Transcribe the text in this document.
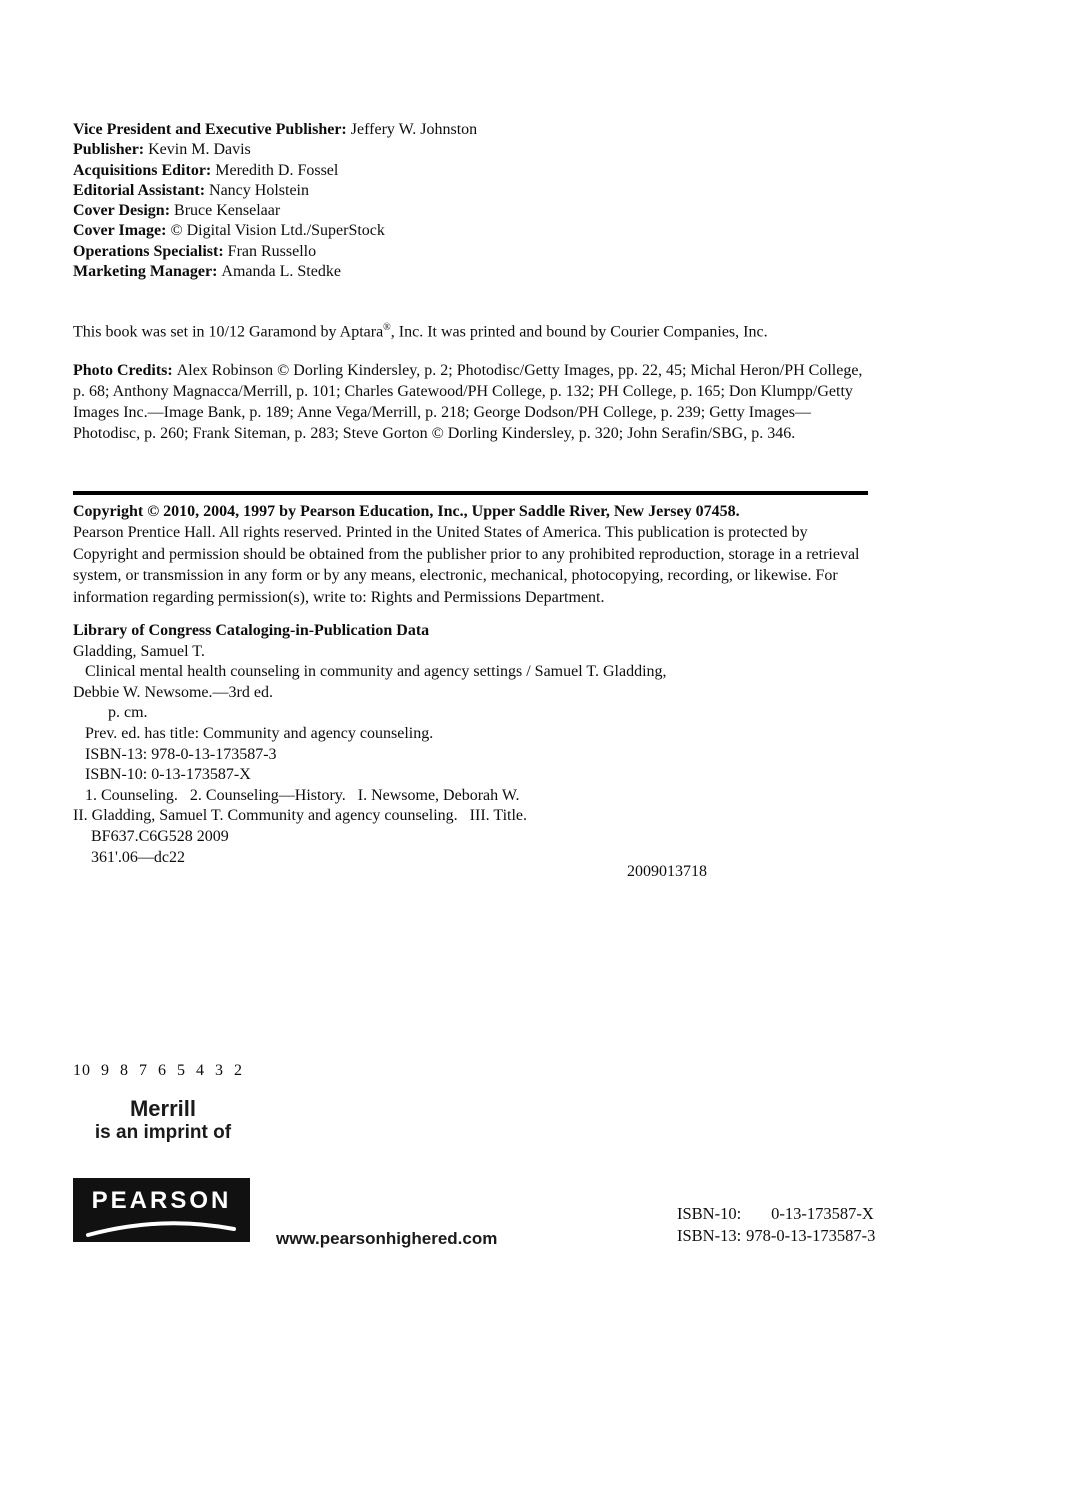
Vice President and Executive Publisher: Jeffery W. Johnston
Publisher: Kevin M. Davis
Acquisitions Editor: Meredith D. Fossel
Editorial Assistant: Nancy Holstein
Cover Design: Bruce Kenselaar
Cover Image: © Digital Vision Ltd./SuperStock
Operations Specialist: Fran Russello
Marketing Manager: Amanda L. Stedke
This book was set in 10/12 Garamond by Aptara®, Inc. It was printed and bound by Courier Companies, Inc.
Photo Credits: Alex Robinson © Dorling Kindersley, p. 2; Photodisc/Getty Images, pp. 22, 45; Michal Heron/PH College, p. 68; Anthony Magnacca/Merrill, p. 101; Charles Gatewood/PH College, p. 132; PH College, p. 165; Don Klumpp/Getty Images Inc.—Image Bank, p. 189; Anne Vega/Merrill, p. 218; George Dodson/PH College, p. 239; Getty Images—Photodisc, p. 260; Frank Siteman, p. 283; Steve Gorton © Dorling Kindersley, p. 320; John Serafin/SBG, p. 346.
Copyright © 2010, 2004, 1997 by Pearson Education, Inc., Upper Saddle River, New Jersey 07458.
Pearson Prentice Hall. All rights reserved. Printed in the United States of America. This publication is protected by Copyright and permission should be obtained from the publisher prior to any prohibited reproduction, storage in a retrieval system, or transmission in any form or by any means, electronic, mechanical, photocopying, recording, or likewise. For information regarding permission(s), write to: Rights and Permissions Department.
Library of Congress Cataloging-in-Publication Data
Gladding, Samuel T.
Clinical mental health counseling in community and agency settings / Samuel T. Gladding,
Debbie W. Newsome.—3rd ed.
p. cm.
Prev. ed. has title: Community and agency counseling.
ISBN-13: 978-0-13-173587-3
ISBN-10: 0-13-173587-X
1. Counseling.   2. Counseling—History.   I. Newsome, Deborah W.
II. Gladding, Samuel T. Community and agency counseling.   III. Title.
BF637.C6G528 2009
361'.06—dc22
2009013718
10  9  8  7  6  5  4  3  2
Merrill
is an imprint of
PEARSON
www.pearsonhighered.com
ISBN-10: 0-13-173587-X
ISBN-13: 978-0-13-173587-3
